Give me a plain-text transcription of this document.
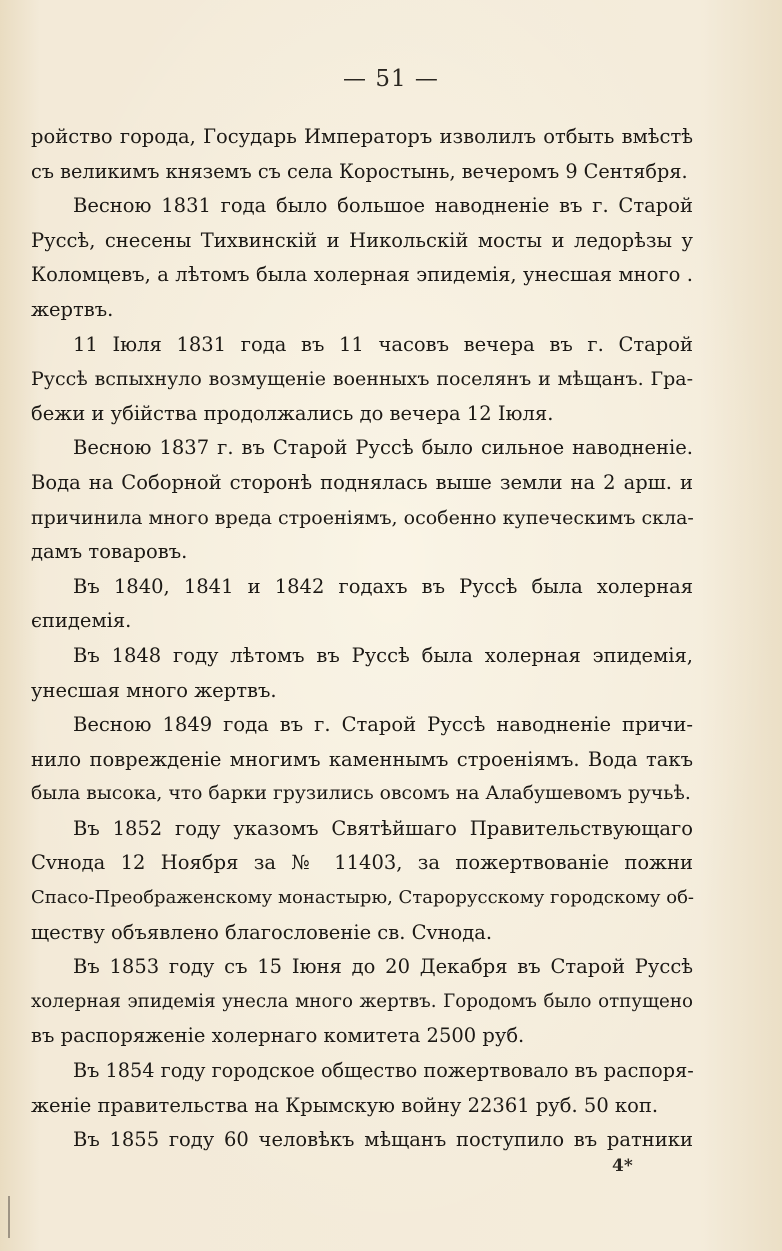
— 51 —
ройство города, Государь Императоръ изволилъ отбыть вмѣстѣ
съ великимъ княземъ съ села Коростынь, вечеромъ 9 Сентября.
Весною 1831 года было большое наводненіе въ г. Старой
Руссѣ, снесены Тихвинскій и Никольскій мосты и ледорѣзы у
Коломцевъ, а лѣтомъ была холерная эпидемія, унесшая много .
жертвъ.
11 Іюля 1831 года въ 11 часовъ вечера въ г. Старой
Руссѣ вспыхнуло возмущеніе военныхъ поселянъ и мѣщанъ. Гра-
бежи и убійства продолжались до вечера 12 Іюля.
Весною 1837 г. въ Старой Руссѣ было сильное наводненіе.
Вода на Соборной сторонѣ поднялась выше земли на 2 арш. и
причинила много вреда строеніямъ, особенно купеческимъ скла-
дамъ товаровъ.
Въ 1840, 1841 и 1842 годахъ въ Руссѣ была холерная
єпидемія.
Въ 1848 году лѣтомъ въ Руссѣ была холерная эпидемія,
унесшая много жертвъ.
Весною 1849 года въ г. Старой Руссѣ наводненіе причи-
нило повреждeніе многимъ каменнымъ строеніямъ. Вода такъ
была высока, что барки грузились овсомъ на Алабушевомъ ручьѣ.
Въ 1852 году указомъ Святѣйшаго Правительствующаго
Сvнода 12 Ноября за № 11403, за пожертвованіе пожни
Спасо-Преображенскому монастырю, Старорусскому городскому об-
ществу объявлено благословеніе св. Сvнода.
Въ 1853 году съ 15 Іюня до 20 Декабря въ Старой Руссѣ
холерная эпидемія унесла много жертвъ. Городомъ было отпущено
въ распоряженіе холернаго комитета 2500 руб.
Въ 1854 году городское общество пожертвовало въ распоря-
женіе правительства на Крымскую войну 22361 руб. 50 коп.
Въ 1855 году 60 человѣкъ мѣщанъ поступило въ ратники
4*
